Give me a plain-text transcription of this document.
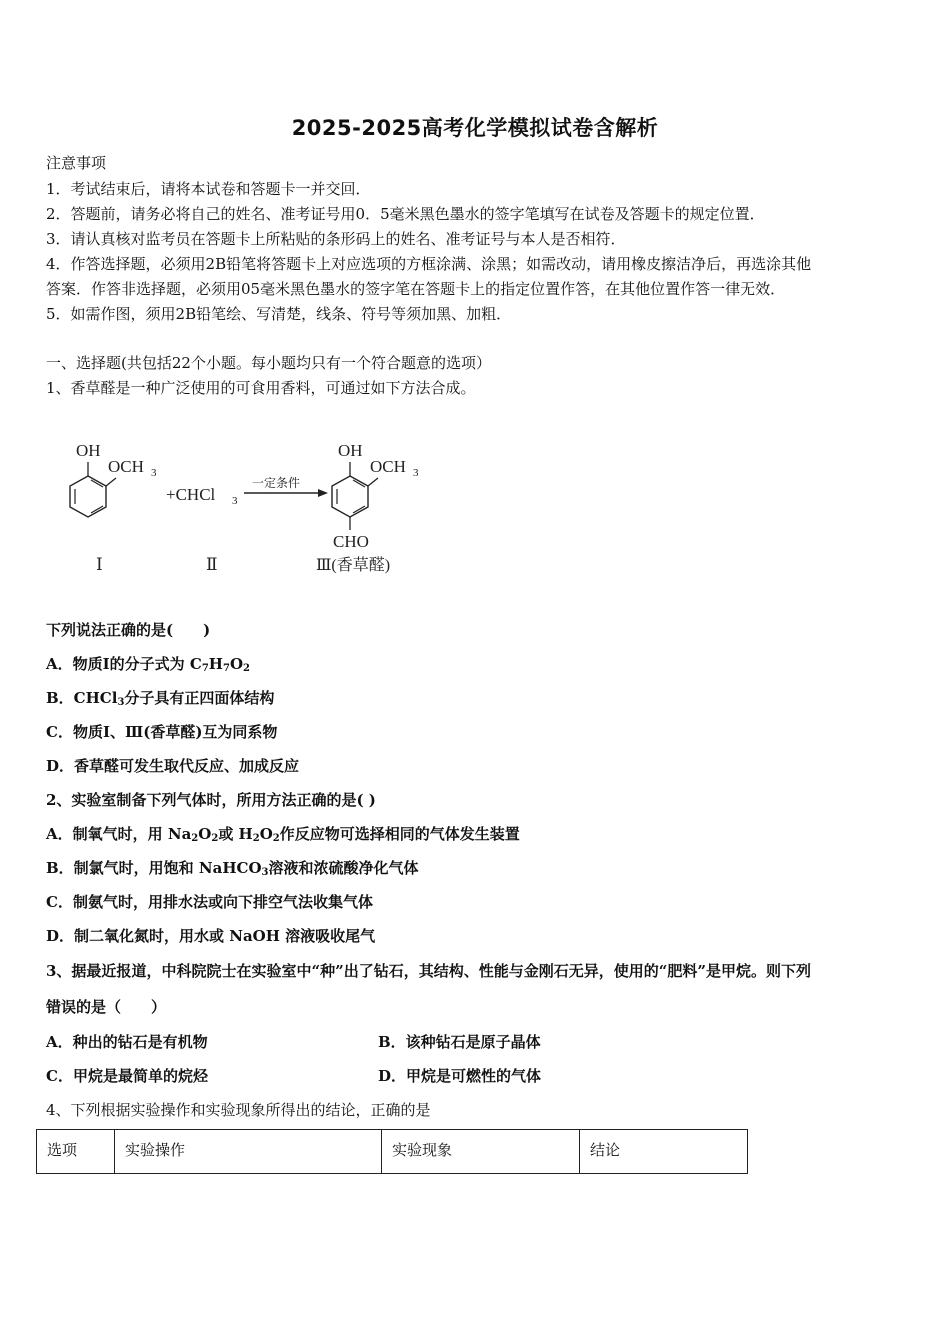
2025-2025高考化学模拟试卷含解析
注意事项
1．考试结束后，请将本试卷和答题卡一并交回．
2．答题前，请务必将自己的姓名、准考证号用0．5毫米黑色墨水的签字笔填写在试卷及答题卡的规定位置．
3．请认真核对监考员在答题卡上所粘贴的条形码上的姓名、准考证号与本人是否相符．
4．作答选择题，必须用2B铅笔将答题卡上对应选项的方框涂满、涂黑；如需改动，请用橡皮擦洁净后，再选涂其他
答案．作答非选择题，必须用05毫米黑色墨水的签字笔在答题卡上的指定位置作答，在其他位置作答一律无效．
5．如需作图，须用2B铅笔绘、写清楚，线条、符号等须加黑、加粗．
一、选择题(共包括22个小题。每小题均只有一个符合题意的选项）
1、香草醛是一种广泛使用的可食用香料，可通过如下方法合成。
OH
OCH 3
+CHCl 3
一定条件
OH
OCH 3
CHO
Ⅰ	Ⅱ	Ⅲ(香草醛)
下列说法正确的是(　　)
A．物质Ⅰ的分子式为 $C_7H_7O_2$
B．CHCl$_3$分子具有正四面体结构
C．物质Ⅰ、Ⅲ(香草醛)互为同系物
D．香草醛可发生取代反应、加成反应
2、实验室制备下列气体时，所用方法正确的是( )
A．制氧气时，用 $Na_2O_2$或 $H_2O_2$作反应物可选择相同的气体发生装置
B．制氯气时，用饱和 NaHCO$_3$溶液和浓硫酸净化气体
C．制氨气时，用排水法或向下排空气法收集气体
D．制二氧化氮时，用水或 NaOH 溶液吸收尾气
3、据最近报道，中科院院士在实验室中“种”出了钻石，其结构、性能与金刚石无异，使用的“肥料”是甲烷。则下列
错误的是（　　）
A．种出的钻石是有机物	B．该种钻石是原子晶体
C．甲烷是最简单的烷烃	D．甲烷是可燃性的气体
4、下列根据实验操作和实验现象所得出的结论，正确的是
选项	实验操作	实验现象	结论
